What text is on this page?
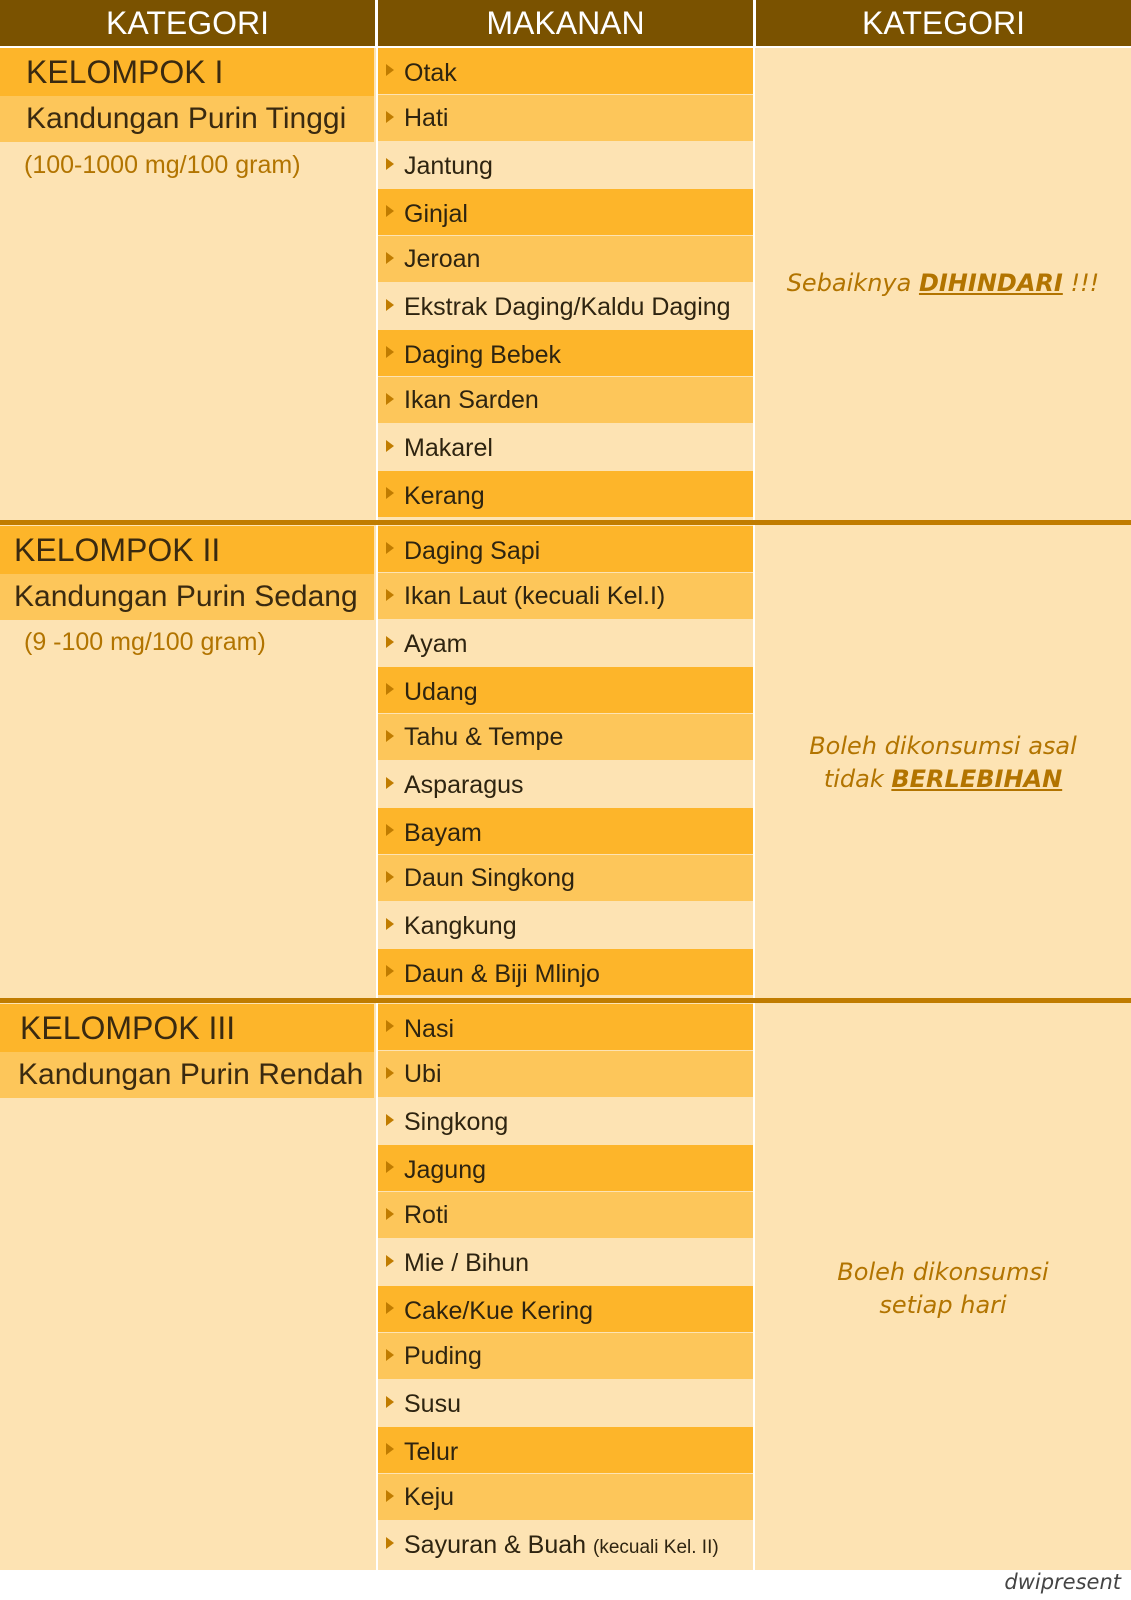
KATEGORI	MAKANAN	KATEGORI
KELOMPOK I
Kandungan Purin Tinggi
(100-1000 mg/100 gram)
Otak
Hati
Jantung
Ginjal
Jeroan
Ekstrak Daging/Kaldu Daging
Daging Bebek
Ikan Sarden
Makarel
Kerang
Sebaiknya DIHINDARI !!!
KELOMPOK II
Kandungan Purin Sedang
(9 -100 mg/100 gram)
Daging Sapi
Ikan Laut (kecuali Kel.I)
Ayam
Udang
Tahu & Tempe
Asparagus
Bayam
Daun Singkong
Kangkung
Daun & Biji Mlinjo
Boleh dikonsumsi asal
tidak BERLEBIHAN
KELOMPOK III
Kandungan Purin Rendah
Nasi
Ubi
Singkong
Jagung
Roti
Mie / Bihun
Cake/Kue Kering
Puding
Susu
Telur
Keju
Sayuran & Buah (kecuali Kel. II)
Boleh dikonsumsi
setiap hari
dwipresent
